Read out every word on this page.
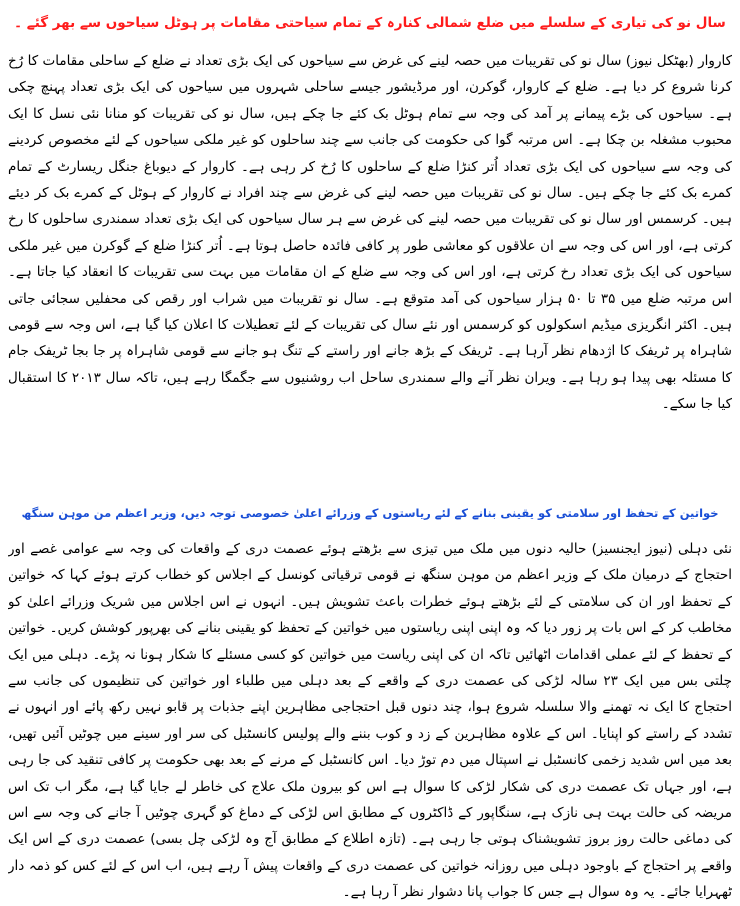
سال نو کی تیاری کے سلسلے میں ضلع شمالی کنارہ کے تمام سیاحتی مقامات پر ہوٹل سیاحوں سے بھر گئے ۔

کاروار (بھٹکل نیوز) سال نو کی تقریبات میں حصہ لینے کی غرض سے سیاحوں کی ایک بڑی تعداد نے ضلع کے ساحلی مقامات کا رُخ کرنا شروع کر دیا ہے۔ ضلع کے کاروار، گوکرن، اور مرڈیشور جیسے ساحلی شہروں میں سیاحوں کی ایک بڑی تعداد پہنچ چکی ہے۔ سیاحوں کی بڑے پیمانے پر آمد کی وجہ سے تمام ہوٹل بک کئے جا چکے ہیں، سال نو کی تقریبات کو منانا نئی نسل کا ایک محبوب مشغلہ بن چکا ہے۔ اس مرتبہ گوا کی حکومت کی جانب سے چند ساحلوں کو غیر ملکی سیاحوں کے لئے مخصوص کردینے کی وجہ سے سیاحوں کی ایک بڑی تعداد اُتر کنڑا ضلع کے ساحلوں کا رُخ کر رہی ہے۔ کاروار کے دیوباغ جنگل ریسارٹ کے تمام کمرے بک کئے جا چکے ہیں۔ سال نو کی تقریبات میں حصہ لینے کی غرض سے چند افراد نے کاروار کے ہوٹل کے کمرے بک کر دیئے ہیں۔ کرسمس اور سال نو کی تقریبات میں حصہ لینے کی غرض سے ہر سال سیاحوں کی ایک بڑی تعداد سمندری ساحلوں کا رخ کرتی ہے، اور اس کی وجہ سے ان علاقوں کو معاشی طور پر کافی فائدہ حاصل ہوتا ہے۔ اُتر کنڑا ضلع کے گوکرن میں غیر ملکی سیاحوں کی ایک بڑی تعداد رخ کرتی ہے، اور اس کی وجہ سے ضلع کے ان مقامات میں بہت سی تقریبات کا انعقاد کیا جاتا ہے۔ اس مرتبہ ضلع میں ۳۵ تا ۵۰ ہزار سیاحوں کی آمد متوقع ہے۔ سال نو تقریبات میں شراب اور رقص کی محفلیں سجائی جاتی ہیں۔ اکثر انگریزی میڈیم اسکولوں کو کرسمس اور نئے سال کی تقریبات کے لئے تعطیلات کا اعلان کیا گیا ہے، اس وجہ سے قومی شاہراہ پر ٹریفک کا اژدھام نظر آرہا ہے۔ ٹریفک کے بڑھ جانے اور راستے کے تنگ ہو جانے سے قومی شاہراہ پر جا بجا ٹریفک جام کا مسئلہ بھی پیدا ہو رہا ہے۔ ویران نظر آنے والے سمندری ساحل اب روشنیوں سے جگمگا رہے ہیں، تاکہ سال ۲۰۱۳ کا استقبال کیا جا سکے۔

خواتین کے تحفظ اور سلامتی کو یقینی بنانے کے لئے ریاستوں کے وزرائے اعلیٰ خصوصی توجہ دیں، وزیر اعظم من موہن سنگھ

نئی دہلی (نیوز ایجنسیز) حالیہ دنوں میں ملک میں تیزی سے بڑھتے ہوئے عصمت دری کے واقعات کی وجہ سے عوامی غصے اور احتجاج کے درمیان ملک کے وزیر اعظم من موہن سنگھ نے قومی ترقیاتی کونسل کے اجلاس کو خطاب کرتے ہوئے کہا کہ خواتین کے تحفظ اور ان کی سلامتی کے لئے بڑھتے ہوئے خطرات باعث تشویش ہیں۔ انہوں نے اس اجلاس میں شریک وزرائے اعلیٰ کو مخاطب کر کے اس بات پر زور دیا کہ وہ اپنی اپنی ریاستوں میں خواتین کے تحفظ کو یقینی بنانے کی بھرپور کوشش کریں۔ خواتین کے تحفظ کے لئے عملی اقدامات اٹھائیں تاکہ ان کی اپنی ریاست میں خواتین کو کسی مسئلے کا شکار ہونا نہ پڑے۔ دہلی میں ایک چلتی بس میں ایک ۲۳ سالہ لڑکی کی عصمت دری کے واقعے کے بعد دہلی میں طلباء اور خواتین کی تنظیموں کی جانب سے احتجاج کا ایک نہ تھمنے والا سلسلہ شروع ہوا، چند دنوں قبل احتجاجی مظاہرین اپنے جذبات پر قابو نہیں رکھ پائے اور انہوں نے تشدد کے راستے کو اپنایا۔ اس کے علاوہ مظاہرین کے زد و کوب بننے والے پولیس کانسٹبل کی سر اور سینے میں چوٹیں آئیں تھیں، بعد میں اس شدید زخمی کانسٹبل نے اسپتال میں دم توڑ دیا۔ اس کانسٹبل کے مرنے کے بعد بھی حکومت پر کافی تنقید کی جا رہی ہے، اور جہاں تک عصمت دری کی شکار لڑکی کا سوال ہے اس کو بیرون ملک علاج کی خاطر لے جایا گیا ہے، مگر اب تک اس مریضہ کی حالت بہت ہی نازک ہے، سنگاپور کے ڈاکٹروں کے مطابق اس لڑکی کے دماغ کو گہری چوٹیں آ جانے کی وجہ سے اس کی دماغی حالت روز بروز تشویشناک ہوتی جا رہی ہے۔ (تازہ اطلاع کے مطابق آج وہ لڑکی چل بسی) عصمت دری کے اس ایک واقعے پر احتجاج کے باوجود دہلی میں روزانہ خواتین کی عصمت دری کے واقعات پیش آ رہے ہیں، اب اس کے لئے کس کو ذمہ دار ٹھہرایا جائے۔ یہ وہ سوال ہے جس کا جواب پانا دشوار نظر آ رہا ہے۔
